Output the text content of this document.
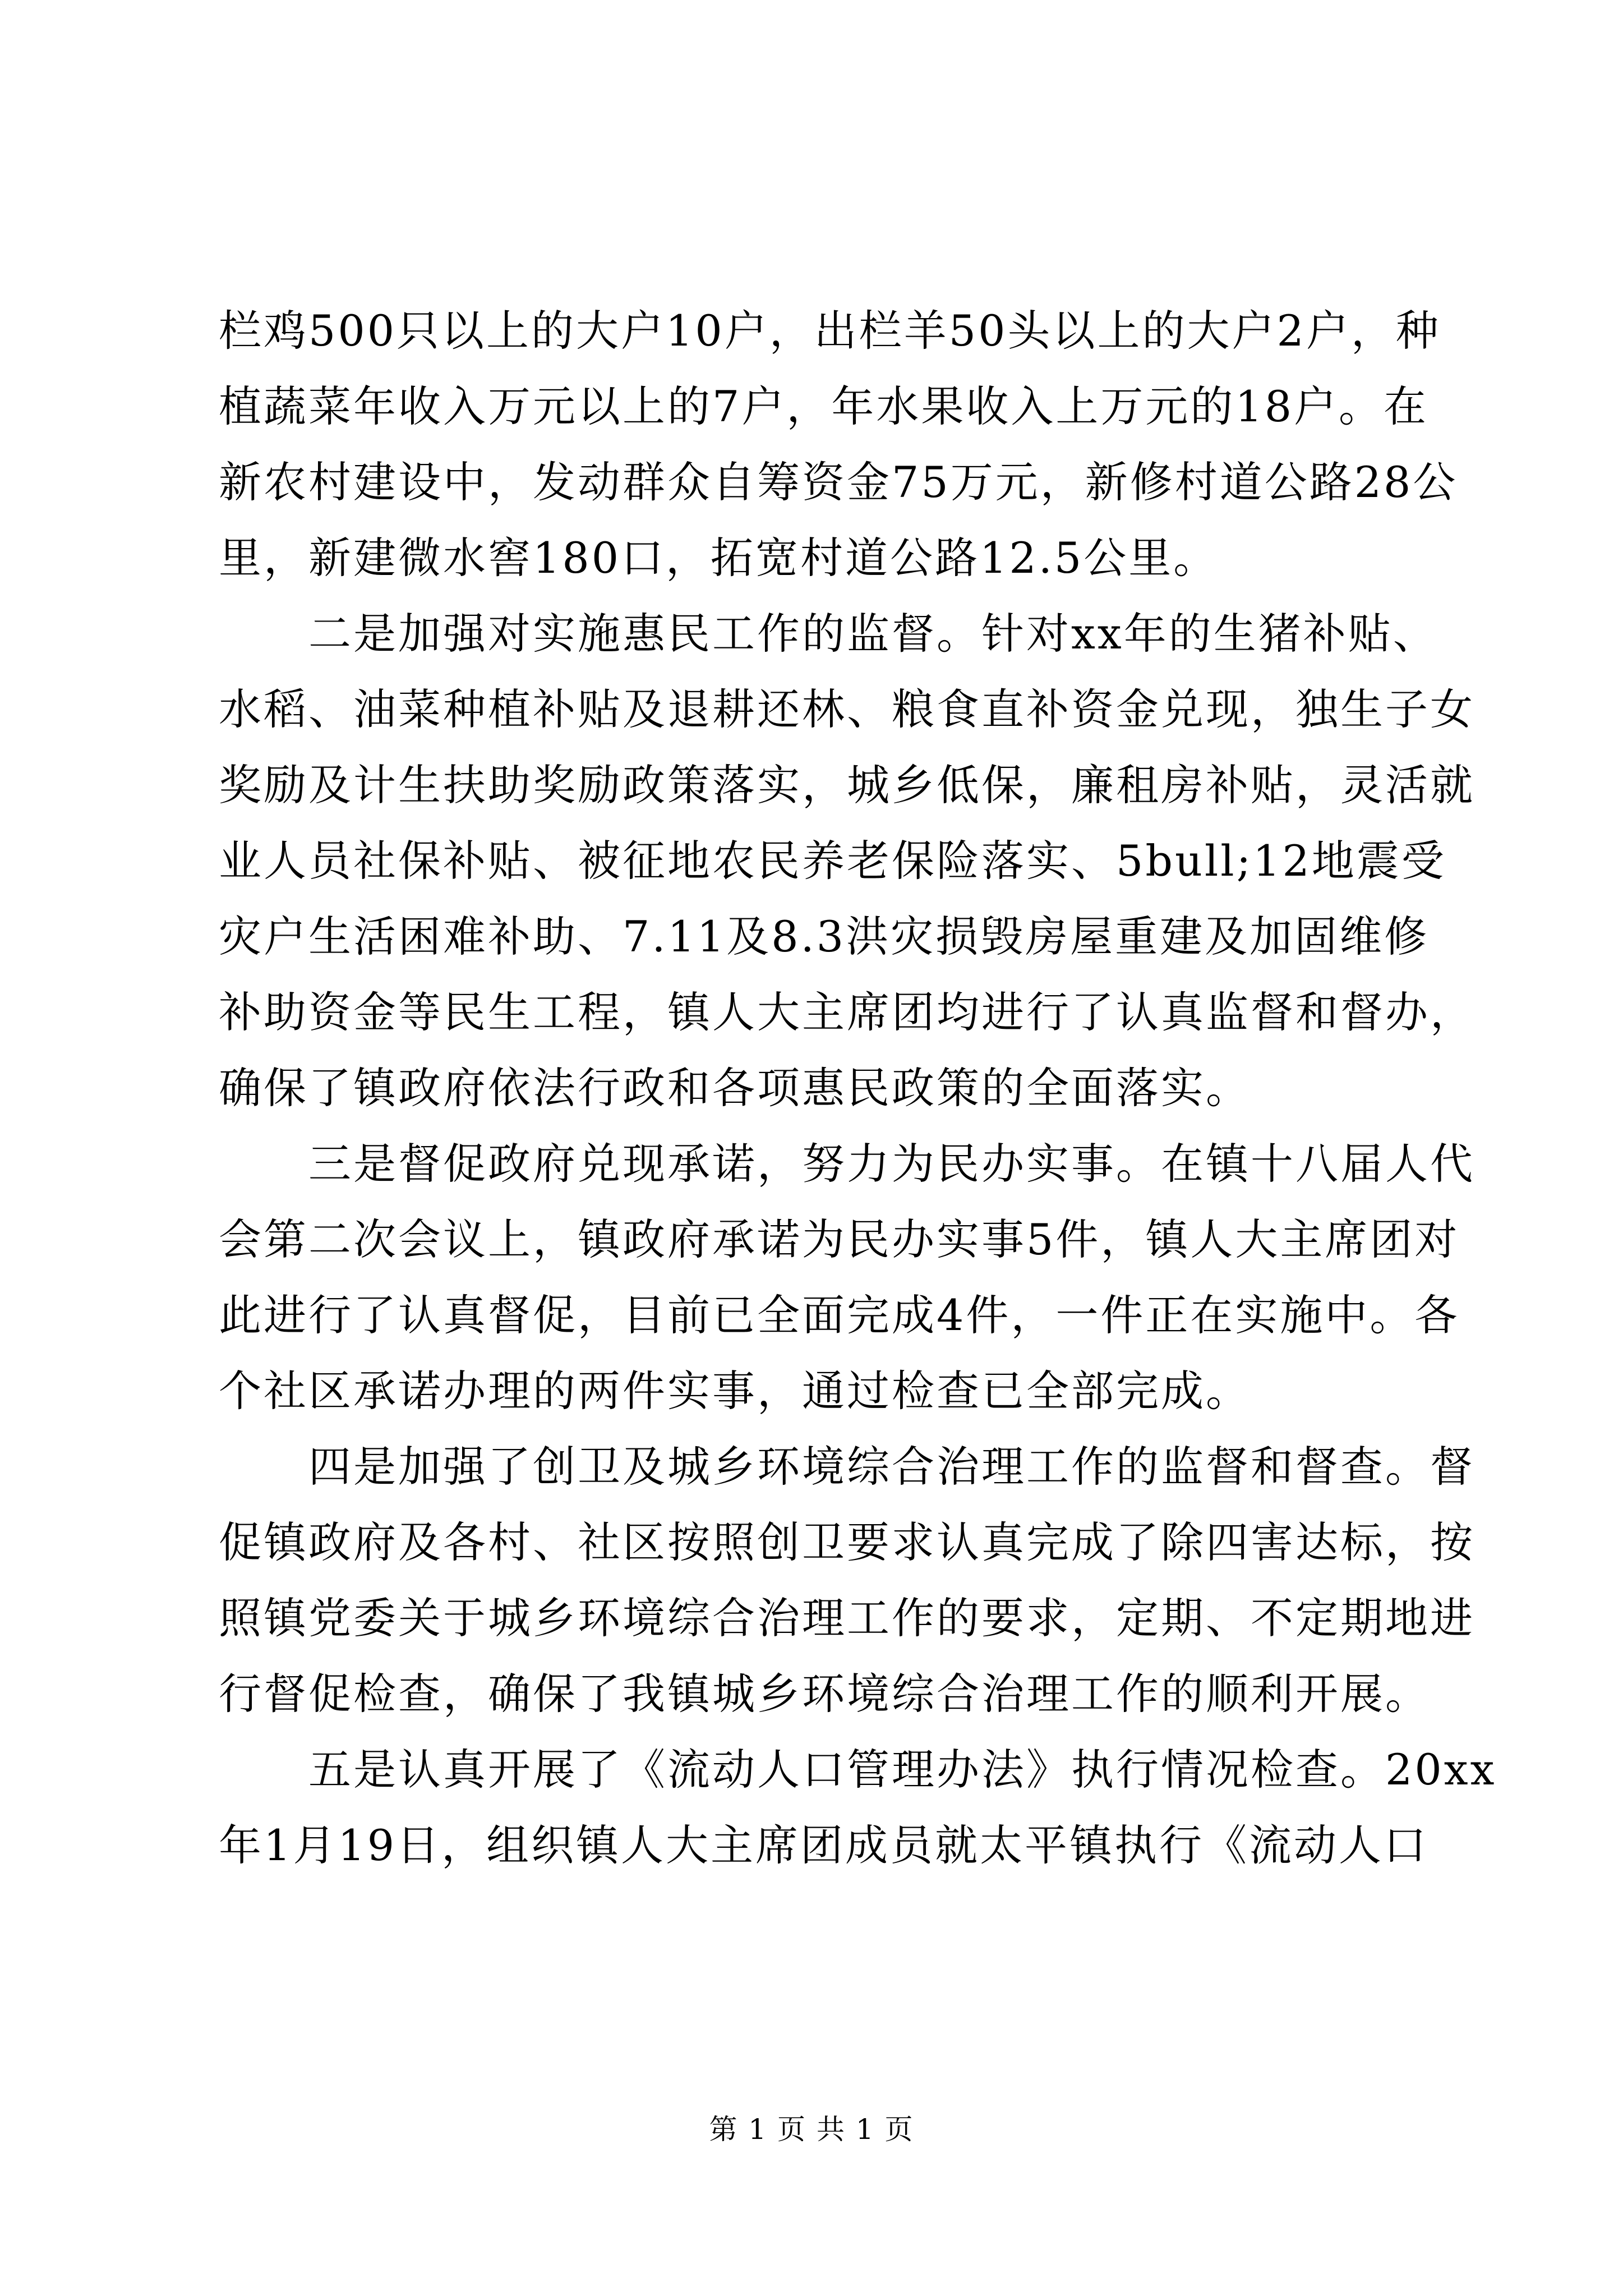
栏鸡500只以上的大户10户，出栏羊50头以上的大户2户，种
植蔬菜年收入万元以上的7户，年水果收入上万元的18户。在
新农村建设中，发动群众自筹资金75万元，新修村道公路28公
里，新建微水窖180口，拓宽村道公路12.5公里。
　　二是加强对实施惠民工作的监督。针对xx年的生猪补贴、
水稻、油菜种植补贴及退耕还林、粮食直补资金兑现，独生子女
奖励及计生扶助奖励政策落实，城乡低保，廉租房补贴，灵活就
业人员社保补贴、被征地农民养老保险落实、5bull;12地震受
灾户生活困难补助、7.11及8.3洪灾损毁房屋重建及加固维修
补助资金等民生工程，镇人大主席团均进行了认真监督和督办，
确保了镇政府依法行政和各项惠民政策的全面落实。
　　三是督促政府兑现承诺，努力为民办实事。在镇十八届人代
会第二次会议上，镇政府承诺为民办实事5件，镇人大主席团对
此进行了认真督促，目前已全面完成4件，一件正在实施中。各
个社区承诺办理的两件实事，通过检查已全部完成。
　　四是加强了创卫及城乡环境综合治理工作的监督和督查。督
促镇政府及各村、社区按照创卫要求认真完成了除四害达标，按
照镇党委关于城乡环境综合治理工作的要求，定期、不定期地进
行督促检查，确保了我镇城乡环境综合治理工作的顺利开展。
　　五是认真开展了《流动人口管理办法》执行情况检查。20xx
年1月19日，组织镇人大主席团成员就太平镇执行《流动人口
第 1 页 共 1 页
